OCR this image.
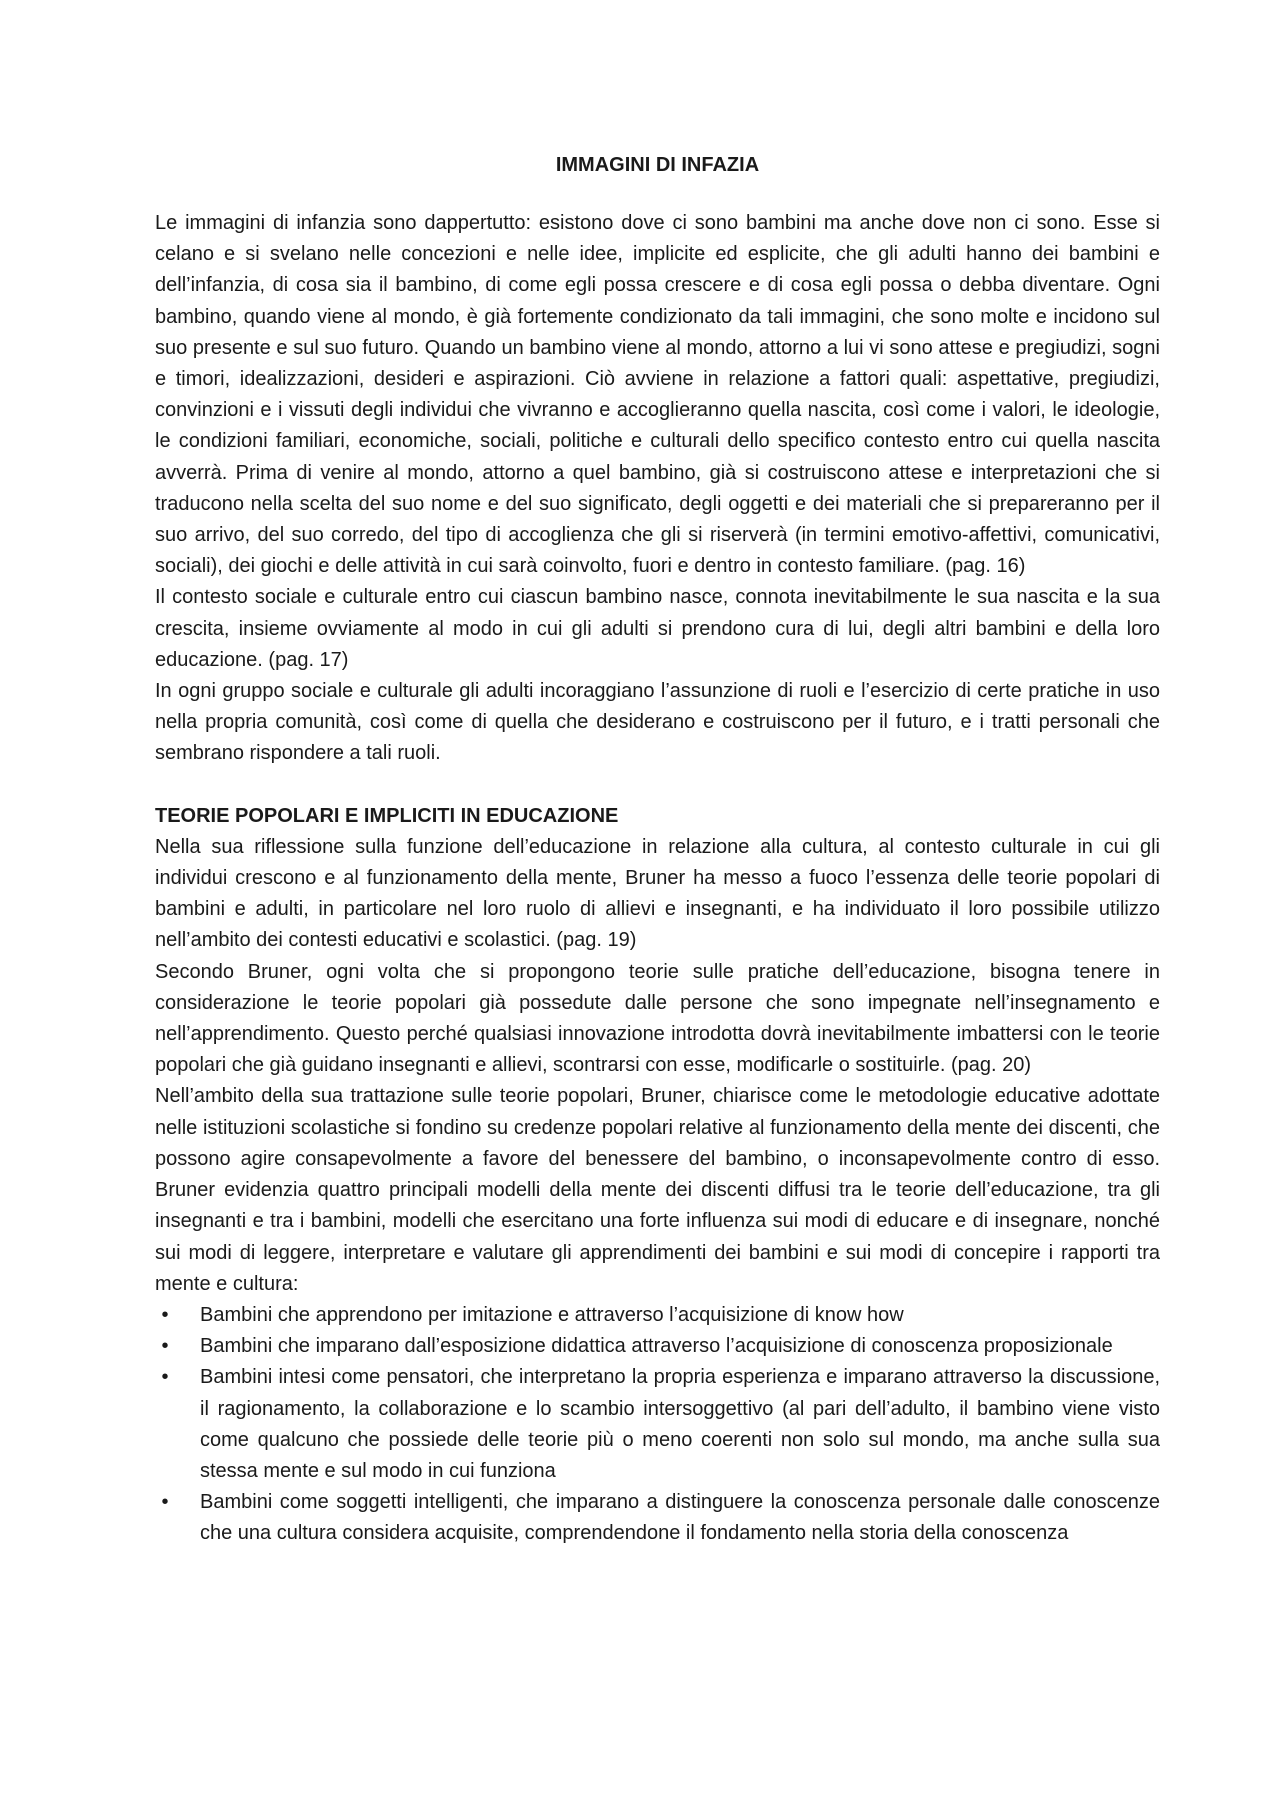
IMMAGINI DI INFAZIA

Le immagini di infanzia sono dappertutto: esistono dove ci sono bambini ma anche dove non ci sono. Esse si celano e si svelano nelle concezioni e nelle idee, implicite ed esplicite, che gli adulti hanno dei bambini e dell’infanzia, di cosa sia il bambino, di come egli possa crescere e di cosa egli possa o debba diventare. Ogni bambino, quando viene al mondo, è già fortemente condizionato da tali immagini, che sono molte e incidono sul suo presente e sul suo futuro. Quando un bambino viene al mondo, attorno a lui vi sono attese e pregiudizi, sogni e timori, idealizzazioni, desideri e aspirazioni. Ciò avviene in relazione a fattori quali: aspettative, pregiudizi, convinzioni e i vissuti degli individui che vivranno e accoglieranno quella nascita, così come i valori, le ideologie, le condizioni familiari, economiche, sociali, politiche e culturali dello specifico contesto entro cui quella nascita avverrà. Prima di venire al mondo, attorno a quel bambino, già si costruiscono attese e interpretazioni che si traducono nella scelta del suo nome e del suo significato, degli oggetti e dei materiali che si prepareranno per il suo arrivo, del suo corredo, del tipo di accoglienza che gli si riserverà (in termini emotivo-affettivi, comunicativi, sociali), dei giochi e delle attività in cui sarà coinvolto, fuori e dentro in contesto familiare. (pag. 16)

Il contesto sociale e culturale entro cui ciascun bambino nasce, connota inevitabilmente le sua nascita e la sua crescita, insieme ovviamente al modo in cui gli adulti si prendono cura di lui, degli altri bambini e della loro educazione. (pag. 17)

In ogni gruppo sociale e culturale gli adulti incoraggiano l’assunzione di ruoli e l’esercizio di certe pratiche in uso nella propria comunità, così come di quella che desiderano e costruiscono per il futuro, e i tratti personali che sembrano rispondere a tali ruoli.

TEORIE POPOLARI E IMPLICITI IN EDUCAZIONE

Nella sua riflessione sulla funzione dell’educazione in relazione alla cultura, al contesto culturale in cui gli individui crescono e al funzionamento della mente, Bruner ha messo a fuoco l’essenza delle teorie popolari di bambini e adulti, in particolare nel loro ruolo di allievi e insegnanti, e ha individuato il loro possibile utilizzo nell’ambito dei contesti educativi e scolastici. (pag. 19)

Secondo Bruner, ogni volta che si propongono teorie sulle pratiche dell’educazione, bisogna tenere in considerazione le teorie popolari già possedute dalle persone che sono impegnate nell’insegnamento e nell’apprendimento. Questo perché qualsiasi innovazione introdotta dovrà inevitabilmente imbattersi con le teorie popolari che già guidano insegnanti e allievi, scontrarsi con esse, modificarle o sostituirle. (pag. 20)

Nell’ambito della sua trattazione sulle teorie popolari, Bruner, chiarisce come le metodologie educative adottate nelle istituzioni scolastiche si fondino su credenze popolari relative al funzionamento della mente dei discenti, che possono agire consapevolmente a favore del benessere del bambino, o inconsapevolmente contro di esso. Bruner evidenzia quattro principali modelli della mente dei discenti diffusi tra le teorie dell’educazione, tra gli insegnanti e tra i bambini, modelli che esercitano una forte influenza sui modi di educare e di insegnare, nonché sui modi di leggere, interpretare e valutare gli apprendimenti dei bambini e sui modi di concepire i rapporti tra mente e cultura:

•	Bambini che apprendono per imitazione e attraverso l’acquisizione di know how
•	Bambini che imparano dall’esposizione didattica attraverso l’acquisizione di conoscenza proposizionale
•	Bambini intesi come pensatori, che interpretano la propria esperienza e imparano attraverso la discussione, il ragionamento, la collaborazione e lo scambio intersoggettivo (al pari dell’adulto, il bambino viene visto come qualcuno che possiede delle teorie più o meno coerenti non solo sul mondo, ma anche sulla sua stessa mente e sul modo in cui funziona
•	Bambini come soggetti intelligenti, che imparano a distinguere la conoscenza personale dalle conoscenze che una cultura considera acquisite, comprendendone il fondamento nella storia della conoscenza
